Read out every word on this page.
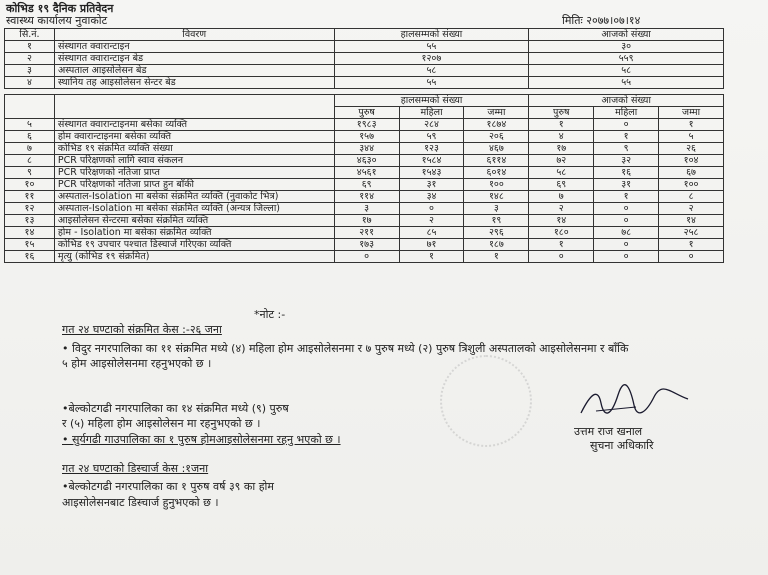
कोभिड १९ दैनिक प्रतिवेदन
स्वास्थ्य कार्यालय नुवाकोट	मितिः २०७७।०७।१४
सि.नं.	विवरण	हालसम्मको संख्या	आजको संख्या
१	संस्थागत क्वारान्टाइन	५५	३०
२	संस्थागत क्वारान्टाइन बेड	१२०७	५५९
३	अस्पताल आइसोलेसन बेड	५८	५८
४	स्थानिय तह आइसोलेसन सेन्टर बेड	५५	५५
		हालसम्मको संख्या			आजको संख्या		
		पुरुष	महिला	जम्मा	पुरुष	महिला	जम्मा
५	संस्थागत क्वारान्टाइनमा बसेका व्यक्ति	१९८३	२८४	१८७४	१	०	१
६	होम क्वारान्टाइनमा बसेका व्यक्ति	१५७	५९	२०६	४	१	५
७	कोभिड १९ संक्रमित व्यक्ति संख्या	३४४	१२३	४६७	१७	९	२६
८	PCR परिक्षणको लागि स्वाव संकलन	४६३०	१५८४	६११४	७२	३२	१०४
९	PCR परिक्षणको नतिजा प्राप्त	४५६१	१५४३	६०१४	५८	१६	६७
१०	PCR परिक्षणको नतिजा प्राप्त हुन बाँकी	६९	३१	१००	६९	३१	१००
११	अस्पताल-Isolation मा बसेका संक्रमित व्यक्ति (नुवाकोट भित्र)	११४	३४	१४८	७	१	८
१२	अस्पताल-Isolation मा बसेका संक्रमित व्यक्ति (अन्यत्र जिल्ला)	३	०	३	२	०	२
१३	आइसोलेसन सेन्टरमा बसेका संक्रमित व्यक्ति	१७	२	१९	१४	०	१४
१४	होम - Isolation मा बसेका संक्रमित व्यक्ति	२११	८५	२९६	१८०	७८	२५८
१५	कोभिड १९ उपचार पश्चात डिस्चार्ज गरिएका व्यक्ति	१७३	७१	१८७	१	०	१
१६	मृत्यु (कोभिड १९ संक्रमित)	०	१	१	०	०	०
*नोट :-
गत २४ घण्टाको संक्रमित केस :-२६ जना
• विदुर नगरपालिका का ११ संक्रमित मध्ये (४) महिला होम आइसोलेसनमा र ७ पुरुष मध्ये (२) पुरुष त्रिशुली अस्पतालको आइसोलेसनमा र बाँकि
५ होम आइसोलेसनमा रहनुभएको छ ।
•बेल्कोटगढी नगरपालिका का १४ संक्रमित मध्ये (९) पुरुष
र (५) महिला होम आइसोलेसन मा रहनुभएको छ ।
• सुर्यगढी गाउपालिका का १ पुरुष होमआइसोलेसनमा रहनु भएको छ ।
गत २४ घण्टाको डिस्चार्ज केस :१जना
•बेल्कोटगढी नगरपालिका का १ पुरुष वर्ष ३९ का होम
आइसोलेसनबाट डिस्चार्ज हुनुभएको छ ।
उत्तम राज खनाल
सुचना अधिकारि
